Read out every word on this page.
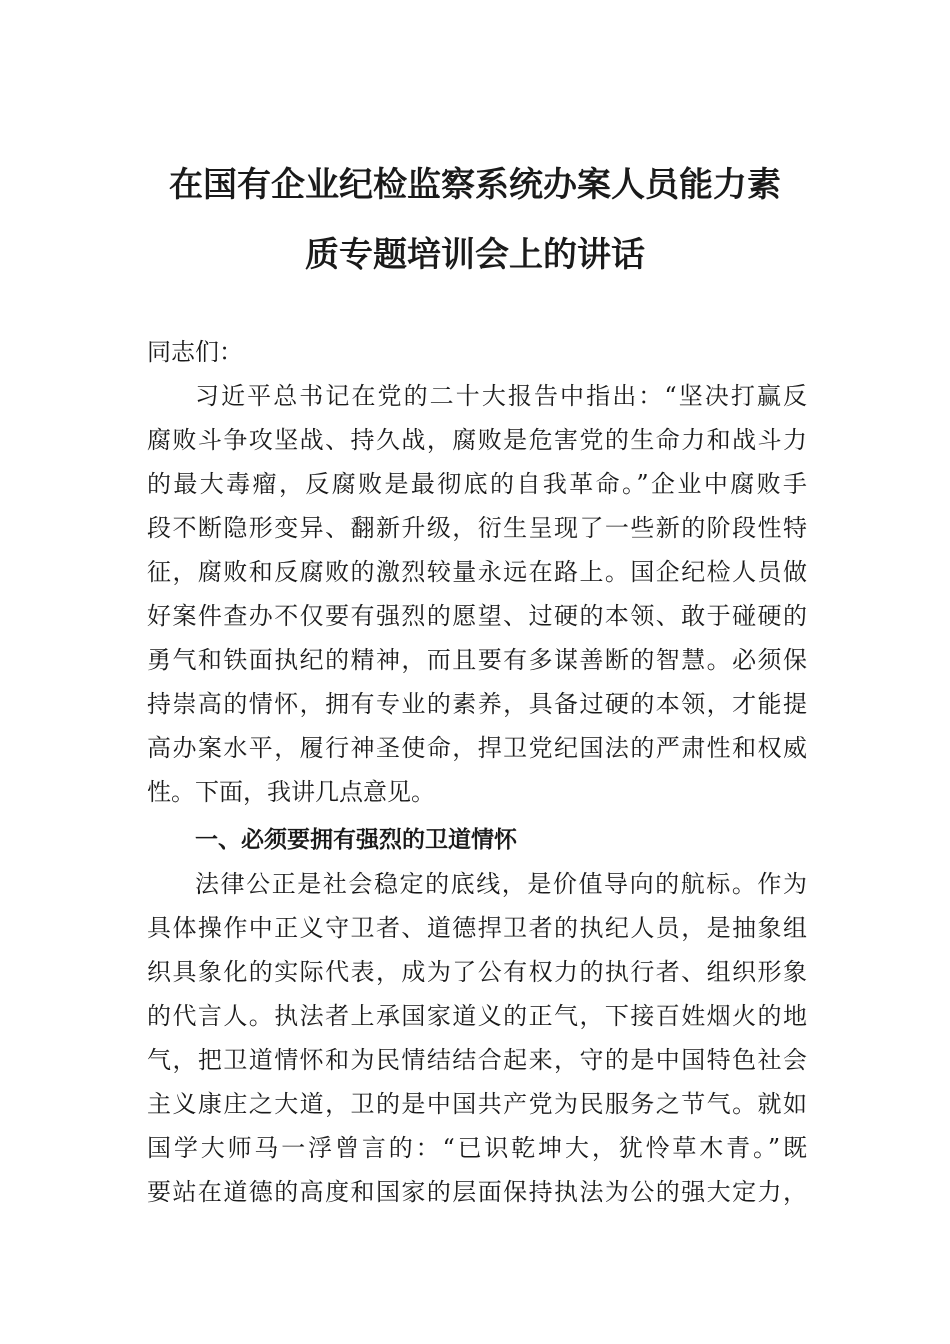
在国有企业纪检监察系统办案人员能力素
质专题培训会上的讲话

同志们：

习近平总书记在党的二十大报告中指出：“坚决打赢反

腐败斗争攻坚战、持久战，腐败是危害党的生命力和战斗力

的最大毒瘤，反腐败是最彻底的自我革命。”企业中腐败手

段不断隐形变异、翻新升级，衍生呈现了一些新的阶段性特

征，腐败和反腐败的激烈较量永远在路上。国企纪检人员做

好案件查办不仅要有强烈的愿望、过硬的本领、敢于碰硬的

勇气和铁面执纪的精神，而且要有多谋善断的智慧。必须保

持崇高的情怀，拥有专业的素养，具备过硬的本领，才能提

高办案水平，履行神圣使命，捍卫党纪国法的严肃性和权威

性。下面，我讲几点意见。

一、必须要拥有强烈的卫道情怀

法律公正是社会稳定的底线，是价值导向的航标。作为

具体操作中正义守卫者、道德捍卫者的执纪人员，是抽象组

织具象化的实际代表，成为了公有权力的执行者、组织形象

的代言人。执法者上承国家道义的正气，下接百姓烟火的地

气，把卫道情怀和为民情结结合起来，守的是中国特色社会

主义康庄之大道，卫的是中国共产党为民服务之节气。就如

国学大师马一浮曾言的：“已识乾坤大，犹怜草木青。”既

要站在道德的高度和国家的层面保持执法为公的强大定力，
